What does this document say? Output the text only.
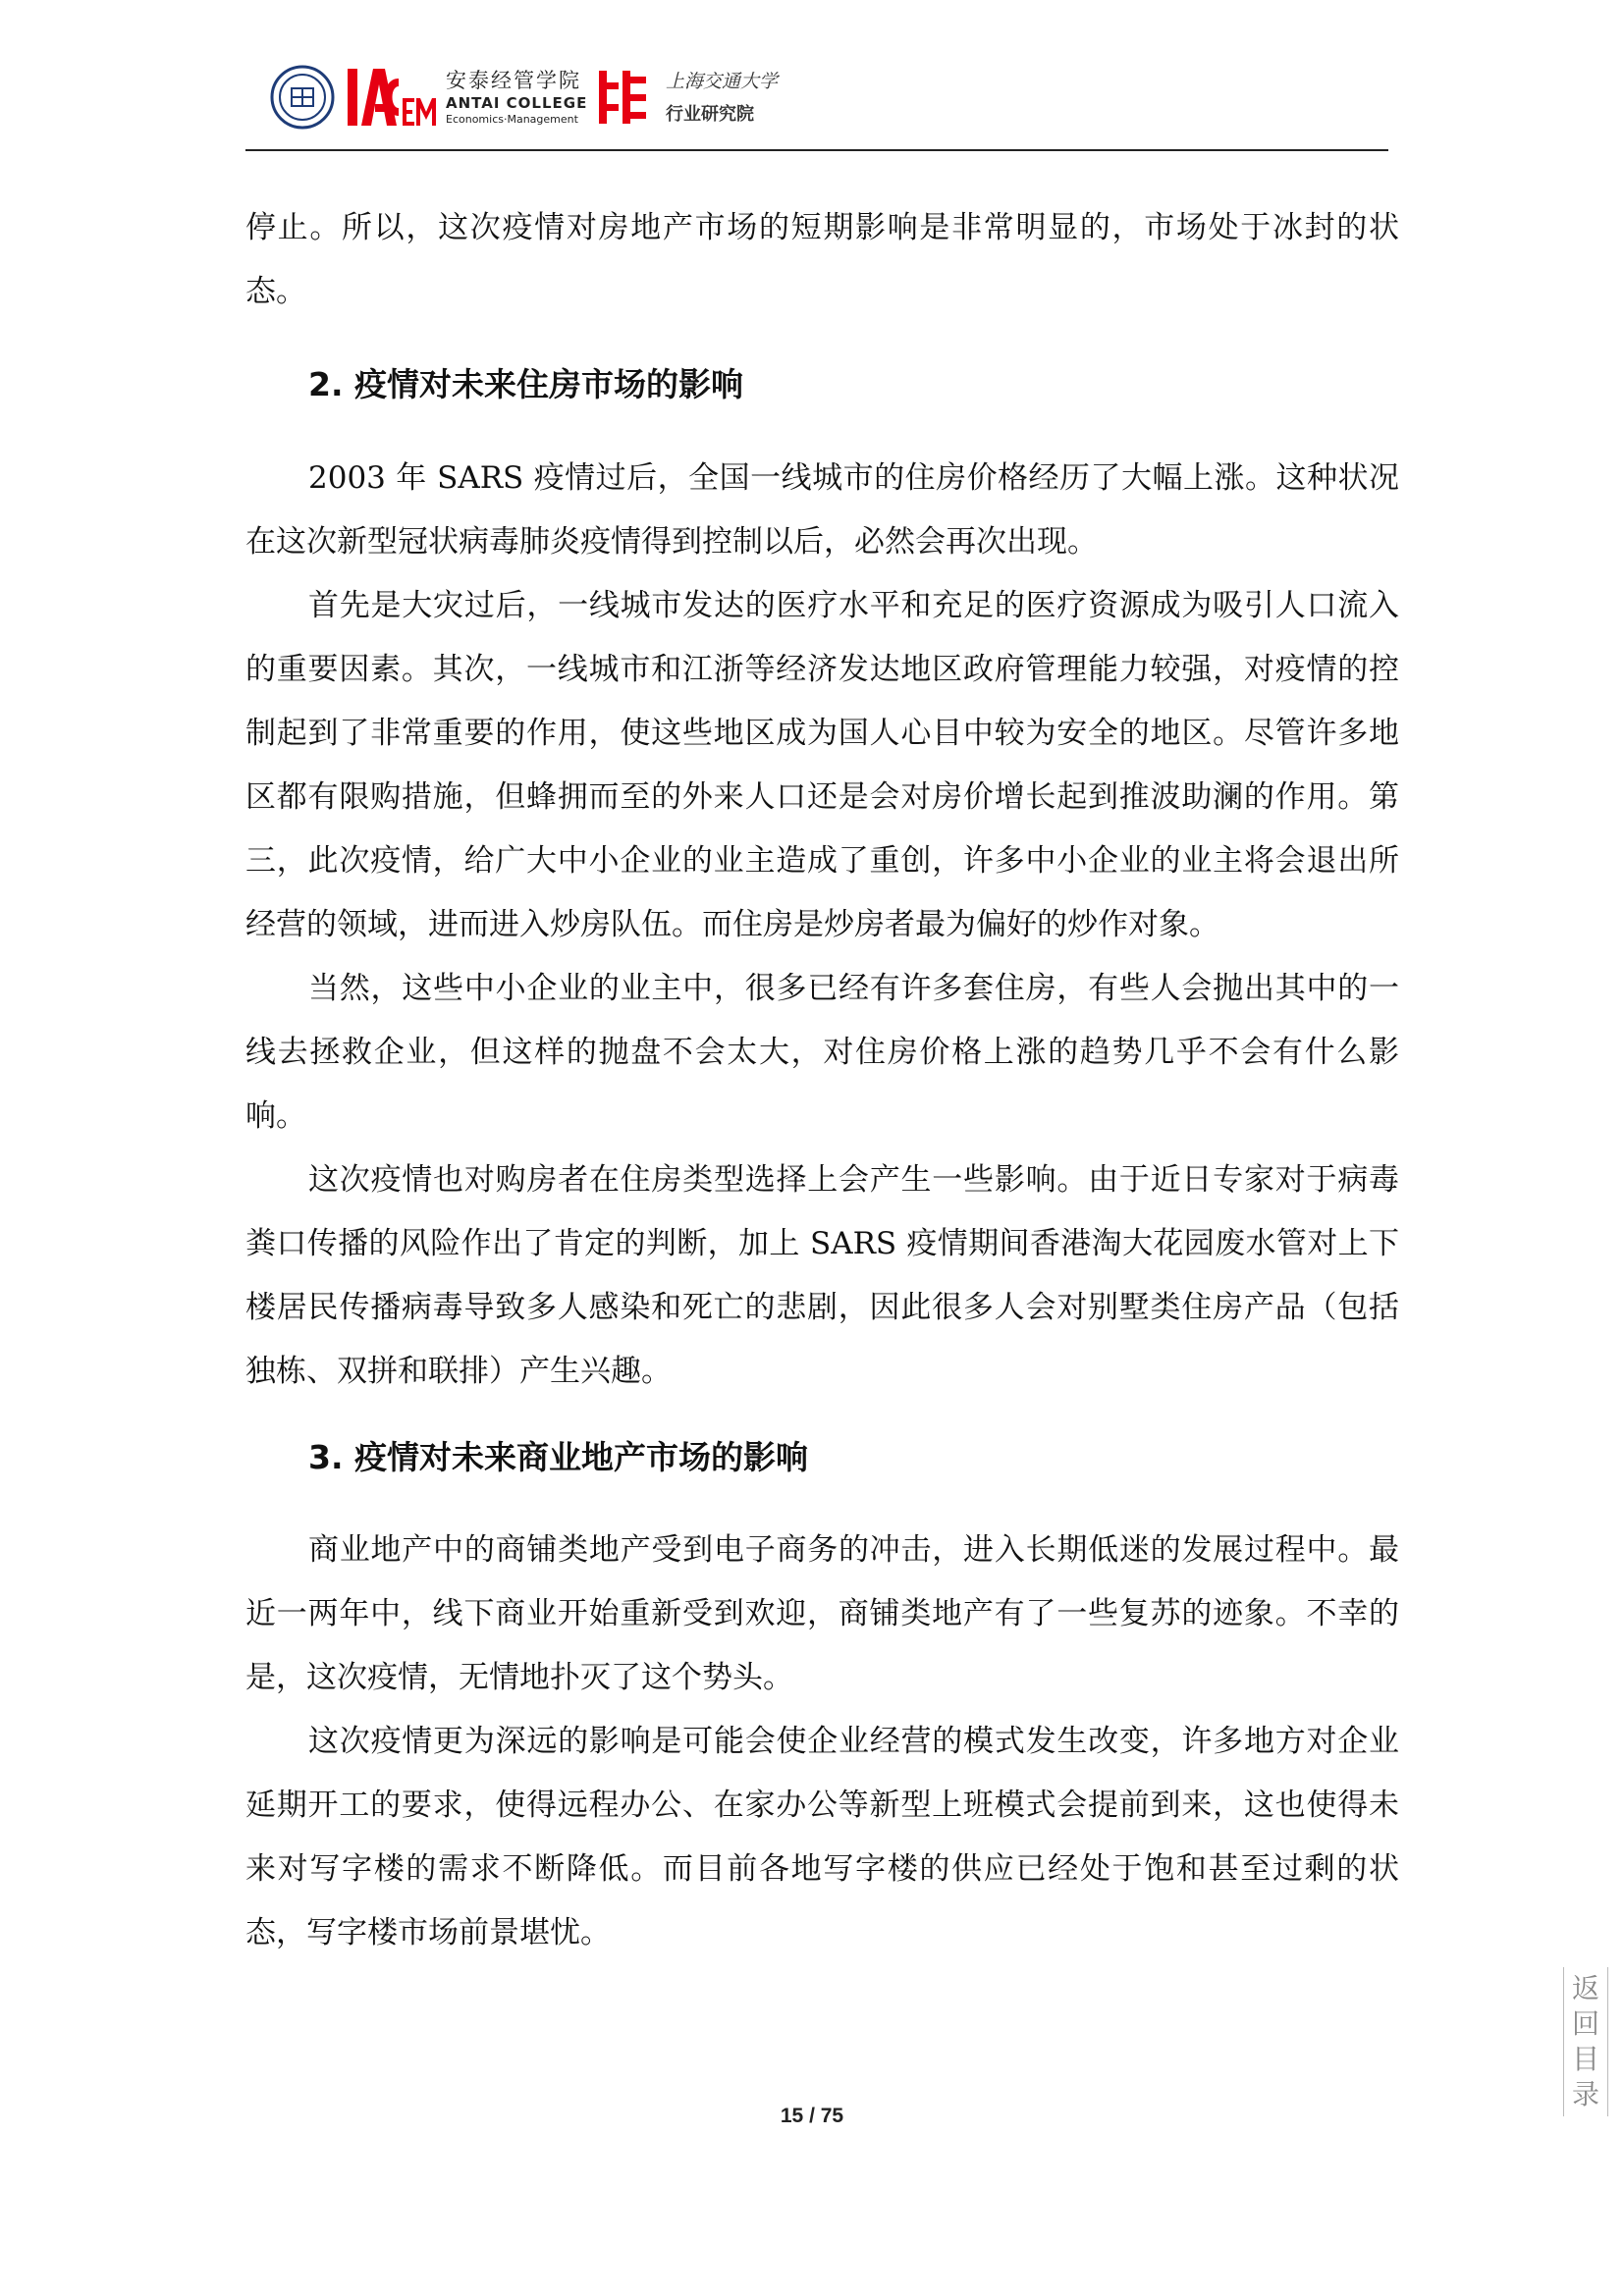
安泰经管学院
ANTAI COLLEGE
Economics·Management
上海交通大学
行业研究院

停止。所以，这次疫情对房地产市场的短期影响是非常明显的，市场处于冰封的状态。

2. 疫情对未来住房市场的影响

2003 年 SARS 疫情过后，全国一线城市的住房价格经历了大幅上涨。这种状况在这次新型冠状病毒肺炎疫情得到控制以后，必然会再次出现。

首先是大灾过后，一线城市发达的医疗水平和充足的医疗资源成为吸引人口流入的重要因素。其次，一线城市和江浙等经济发达地区政府管理能力较强，对疫情的控制起到了非常重要的作用，使这些地区成为国人心目中较为安全的地区。尽管许多地区都有限购措施，但蜂拥而至的外来人口还是会对房价增长起到推波助澜的作用。第三，此次疫情，给广大中小企业的业主造成了重创，许多中小企业的业主将会退出所经营的领域，进而进入炒房队伍。而住房是炒房者最为偏好的炒作对象。

当然，这些中小企业的业主中，很多已经有许多套住房，有些人会抛出其中的一线去拯救企业，但这样的抛盘不会太大，对住房价格上涨的趋势几乎不会有什么影响。

这次疫情也对购房者在住房类型选择上会产生一些影响。由于近日专家对于病毒粪口传播的风险作出了肯定的判断，加上 SARS 疫情期间香港淘大花园废水管对上下楼居民传播病毒导致多人感染和死亡的悲剧，因此很多人会对别墅类住房产品（包括独栋、双拼和联排）产生兴趣。

3. 疫情对未来商业地产市场的影响

商业地产中的商铺类地产受到电子商务的冲击，进入长期低迷的发展过程中。最近一两年中，线下商业开始重新受到欢迎，商铺类地产有了一些复苏的迹象。不幸的是，这次疫情，无情地扑灭了这个势头。

这次疫情更为深远的影响是可能会使企业经营的模式发生改变，许多地方对企业延期开工的要求，使得远程办公、在家办公等新型上班模式会提前到来，这也使得未来对写字楼的需求不断降低。而目前各地写字楼的供应已经处于饱和甚至过剩的状态，写字楼市场前景堪忧。

返回目录
15 / 75
